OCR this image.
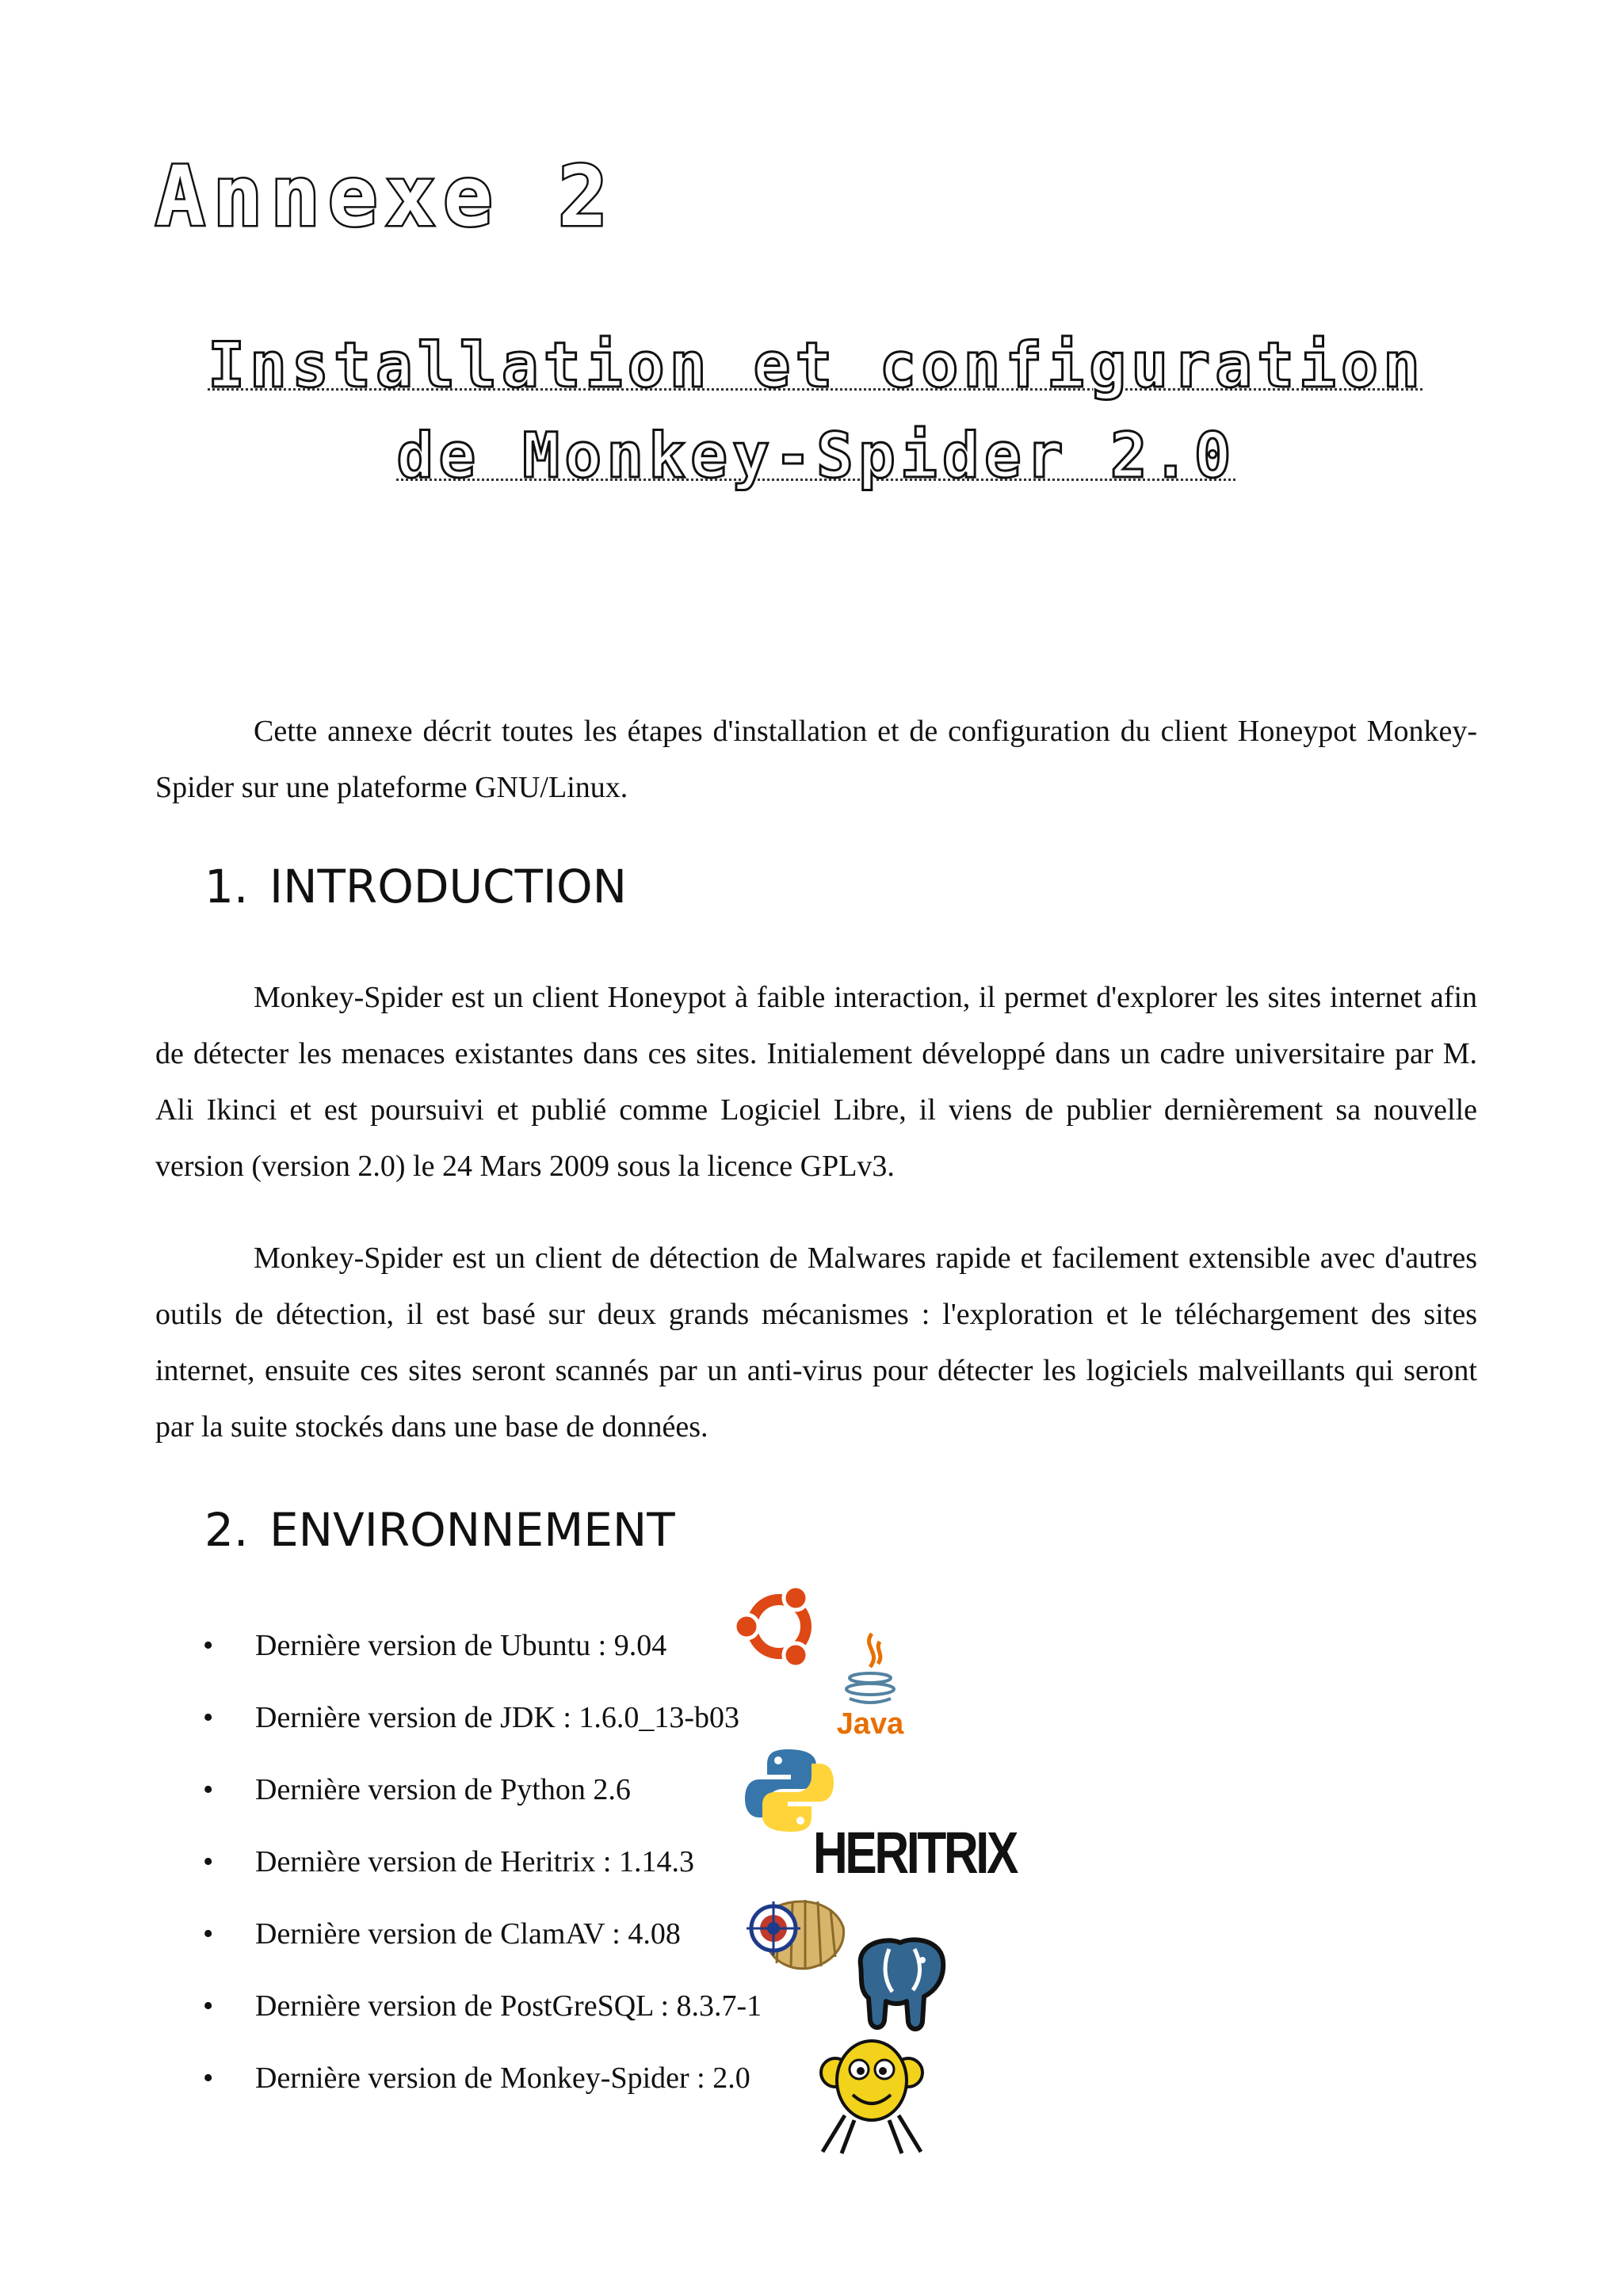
Annexe 2
Installation et configuration
de Monkey-Spider 2.0

Cette annexe décrit toutes les étapes d'installation et de configuration du client Honeypot Monkey-Spider sur une plateforme GNU/Linux.

1. INTRODUCTION

Monkey-Spider est un client Honeypot à faible interaction, il permet d'explorer les sites internet afin de détecter les menaces existantes dans ces sites. Initialement développé dans un cadre universitaire par M. Ali Ikinci et est poursuivi et publié comme Logiciel Libre, il viens de publier dernièrement sa nouvelle version (version 2.0) le 24 Mars 2009 sous la licence GPLv3.

Monkey-Spider est un client de détection de Malwares rapide et facilement extensible avec d'autres outils de détection, il est basé sur deux grands mécanismes : l'exploration et le téléchargement des sites internet, ensuite ces sites seront scannés par un anti-virus pour détecter les logiciels malveillants qui seront par la suite stockés dans une base de données.

2. ENVIRONNEMENT
• Dernière version de Ubuntu : 9.04
• Dernière version de JDK : 1.6.0_13-b03
• Dernière version de Python 2.6
• Dernière version de Heritrix : 1.14.3
• Dernière version de ClamAV : 4.08
• Dernière version de PostGreSQL : 8.3.7-1
• Dernière version de Monkey-Spider : 2.0
Java
HERITRIX
